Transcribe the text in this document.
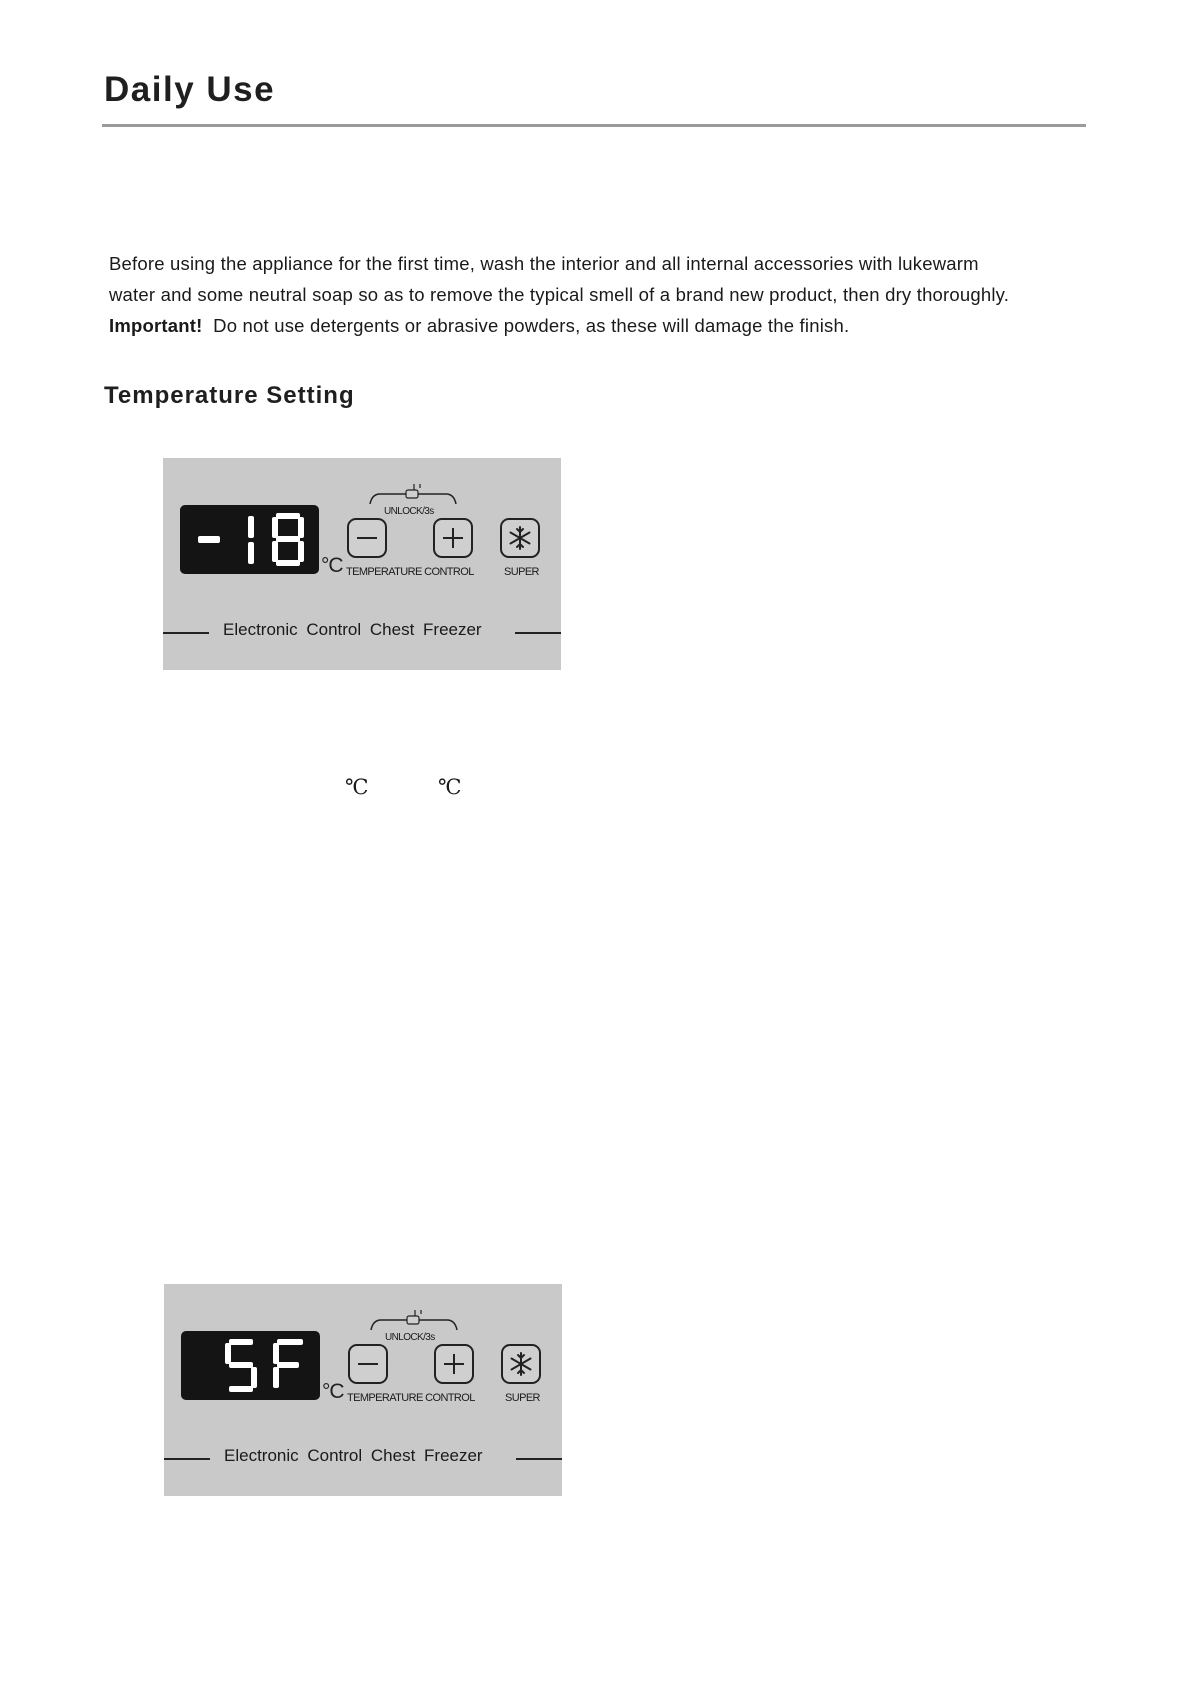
Daily Use

Before using the appliance for the first time, wash the interior and all internal accessories with lukewarm

water and some neutral soap so as to remove the typical smell of a brand new product, then dry thoroughly.

Important! Do not use detergents or abrasive powders, as these will damage the finish.

Temperature Setting
°C
UNLOCK/3s
TEMPERATURE CONTROL	SUPER
Electronic Control Chest Freezer
℃	℃
°C
UNLOCK/3s
TEMPERATURE CONTROL	SUPER
Electronic Control Chest Freezer
